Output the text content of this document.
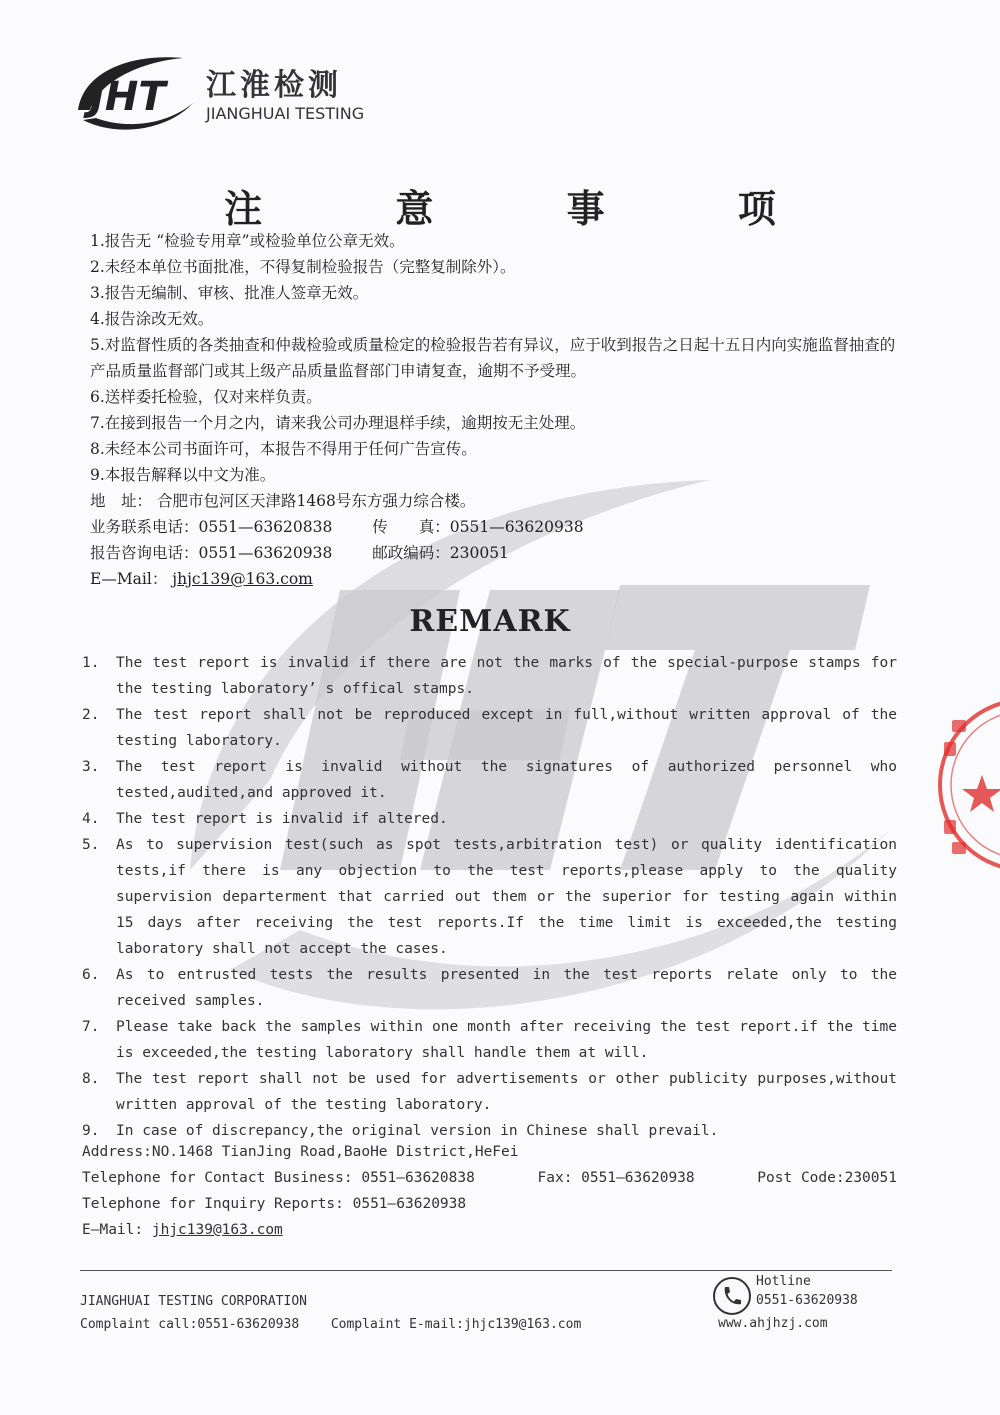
JHT 江淮检测
JIANGHUAI TESTING
注 意 事 项

1.报告无 “检验专用章”或检验单位公章无效。

2.未经本单位书面批准，不得复制检验报告（完整复制除外）。

3.报告无编制、审核、批准人签章无效。

4.报告涂改无效。

5.对监督性质的各类抽查和仲裁检验或质量检定的检验报告若有异议，应于收到报告之日起十五日内向实施监督抽查的产品质量监督部门或其上级产品质量监督部门申请复查，逾期不予受理。

6.送样委托检验，仅对来样负责。

7.在接到报告一个月之内，请来我公司办理退样手续，逾期按无主处理。

8.未经本公司书面许可，本报告不得用于任何广告宣传。

9.本报告解释以中文为准。

地　址： 合肥市包河区天津路1468号东方强力综合楼。
业务联系电话：0551—63620838	传　　真：0551—63620938
报告咨询电话：0551—63620938	邮政编码：230051
E—Mail： jhjc139@163.com
REMARK
1.	The test report is invalid if there are not the marks of the special-purpose stamps for the testing laboratory’ s offical stamps.
2.	The test report shall not be reproduced except in full,without written approval of the testing laboratory.
3.	The test report is invalid without the signatures of authorized personnel who tested,audited,and approved it.
4.	The test report is invalid if altered.
5.	As to supervision test(such as spot tests,arbitration test) or quality identification tests,if there is any objection to the test reports,please apply to the quality supervision departerment that carried out them or the superior for testing again within 15 days after receiving the test reports.If the time limit is exceeded,the testing laboratory shall not accept the cases.
6.	As to entrusted tests the results presented in the test reports relate only to the received samples.
7.	Please take back the samples within one month after receiving the test report.if the time is exceeded,the testing laboratory shall handle them at will.
8.	The test report shall not be used for advertisements or other publicity purposes,without written approval of the testing laboratory.
9.	In case of discrepancy,the original version in Chinese shall prevail.
Address:NO.1468 TianJing Road,BaoHe District,HeFei
Telephone for Contact Business: 0551—63620838	Fax: 0551—63620938	Post Code:230051
Telephone for Inquiry Reports: 0551—63620938
E—Mail: jhjc139@163.com
JIANGHUAI TESTING CORPORATION
Complaint call:0551-63620938 Complaint E-mail:jhjc139@163.com
Hotline
0551-63620938
www.ahjhzj.com
